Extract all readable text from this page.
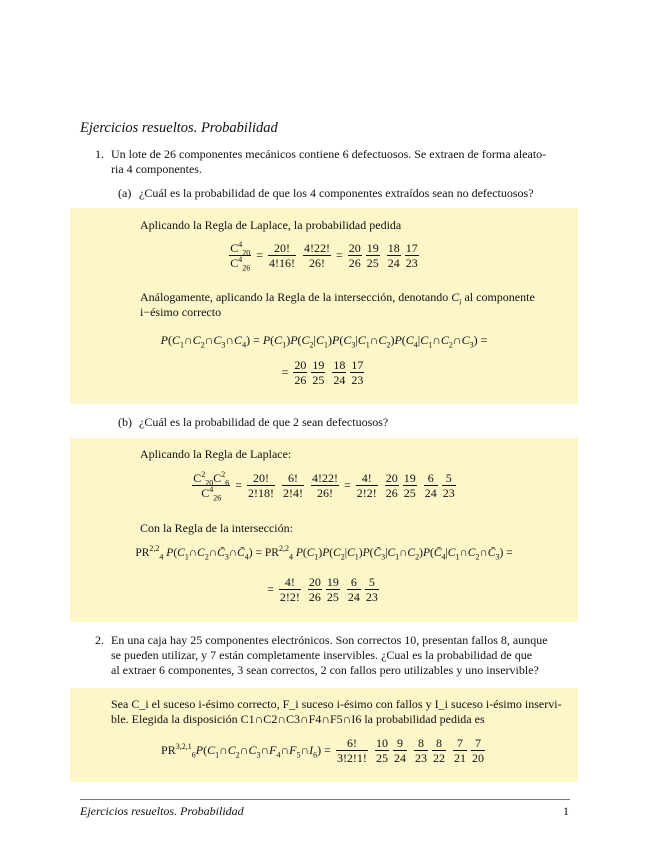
Ejercicios resueltos. Probabilidad
1. Un lote de 26 componentes mecánicos contiene 6 defectuosos. Se extraen de forma aleato-
ria 4 componentes.
(a) ¿Cuál es la probabilidad de que los 4 componentes extraídos sean no defectuosos?
Aplicando la Regla de Laplace, la probabilidad pedida
$\frac{C^4_{20}}{C^4_{26}} = \frac{20!}{4!16!}$
$\frac{4!22!}{26!} = \frac{20}{26} \frac{19}{25}$
$\frac{18}{24} \frac{17}{23}$
Análogamente, aplicando la Regla de la intersección, denotando $C_i$ al componente
i−ésimo correcto
$P(C_1\cap C_2\cap C_3\cap C_4)$ = $P(C_1)P(C_2|C_1)P(C_3|C_1\cap C_2)P(C_4|C_1\cap C_2\cap C_3)$ =
= $\frac{20}{26} \frac{19}{25}$
$\frac{18}{24} \frac{17}{23}$
(b) ¿Cuál es la probabilidad de que 2 sean defectuosos?
Aplicando la Regla de Laplace:
$\frac{C^2_{20}C^2_6}{C^4_{26}} = \frac{20!}{2!18!}$
$\frac{6!}{2!4!}$
$\frac{4!22!}{26!} = \frac{4!}{2!2!}$
$\frac{20}{26} \frac{19}{25}$
$\frac{6}{24} \frac{5}{23}$
Con la Regla de la intersección:
PR$^{2,2}_4$ $P(C_1\cap C_2\cap C̄_3\cap C̄_4) = PR^{2,2}_4$ $P(C_1)P(C_2|C_1)P(C̄_3|C_1\cap C_2)P(C̄_4|C_1\cap C_2\cap C̄_3)$ =
= $\frac{4!}{2!2!}$
$\frac{20}{26} \frac{19}{25}$
$\frac{6}{24} \frac{5}{23}$
2. En una caja hay 25 componentes electrónicos. Son correctos 10, presentan fallos 8, aunque
se pueden utilizar, y 7 están completamente inservibles. ¿Cual es la probabilidad de que
al extraer 6 componentes, 3 sean correctos, 2 con fallos pero utilizables y uno inservible?
Sea C_i el suceso i-ésimo correcto, F_i suceso i-ésimo con fallos y I_i suceso i-ésimo inservi-
ble. Elegida la disposición C1∩C2∩C3∩F4∩F5∩I6 la probabilidad pedida es
$PR^{3,2,1}_6P(C_1\cap C_2\cap C_3\cap F_4\cap F_5\cap I_6) = \frac{6!}{3!2!1!}$
$\frac{10}{25} \frac{9}{24}$
$\frac{8}{23} \frac{8}{22}$
$\frac{7}{21} \frac{7}{20}$
Ejercicios resueltos. Probabilidad	1
